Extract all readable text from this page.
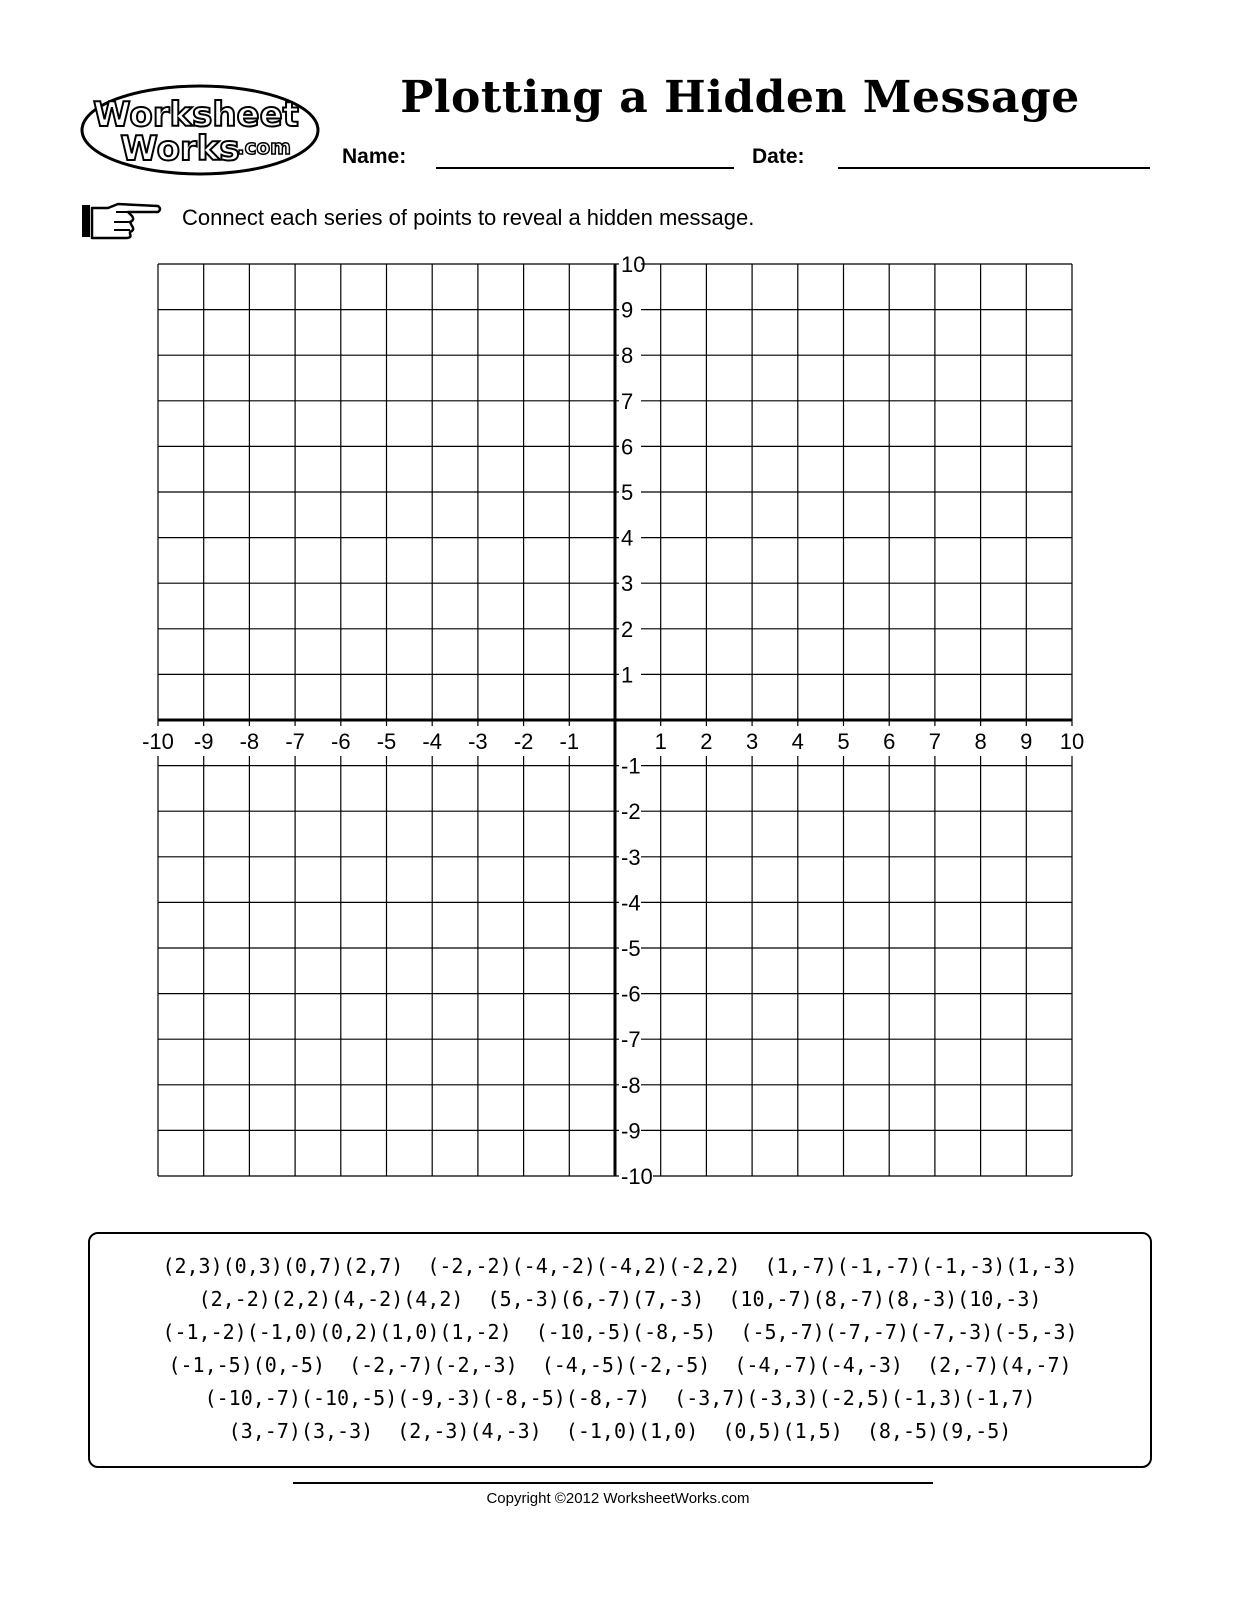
Worksheet
Works
.com
Plotting a Hidden Message
Name:	Date:
Connect each series of points to reveal a hidden message.
-10 -9 -8 -7 -6 -5 -4 -3 -2 -1	1 2 3 4 5 6 7 8 9 10
10
9
8
7
6
5
4
3
2
1
-1
-2
-3
-4
-5
-6
-7
-8
-9
-10
(2,3)(0,3)(0,7)(2,7)  (-2,-2)(-4,-2)(-4,2)(-2,2)  (1,-7)(-1,-7)(-1,-3)(1,-3)
(2,-2)(2,2)(4,-2)(4,2)  (5,-3)(6,-7)(7,-3)  (10,-7)(8,-7)(8,-3)(10,-3)
(-1,-2)(-1,0)(0,2)(1,0)(1,-2)  (-10,-5)(-8,-5)  (-5,-7)(-7,-7)(-7,-3)(-5,-3)
(-1,-5)(0,-5)  (-2,-7)(-2,-3)  (-4,-5)(-2,-5)  (-4,-7)(-4,-3)  (2,-7)(4,-7)
(-10,-7)(-10,-5)(-9,-3)(-8,-5)(-8,-7)  (-3,7)(-3,3)(-2,5)(-1,3)(-1,7)
(3,-7)(3,-3)  (2,-3)(4,-3)  (-1,0)(1,0)  (0,5)(1,5)  (8,-5)(9,-5)
Copyright ©2012 WorksheetWorks.com
